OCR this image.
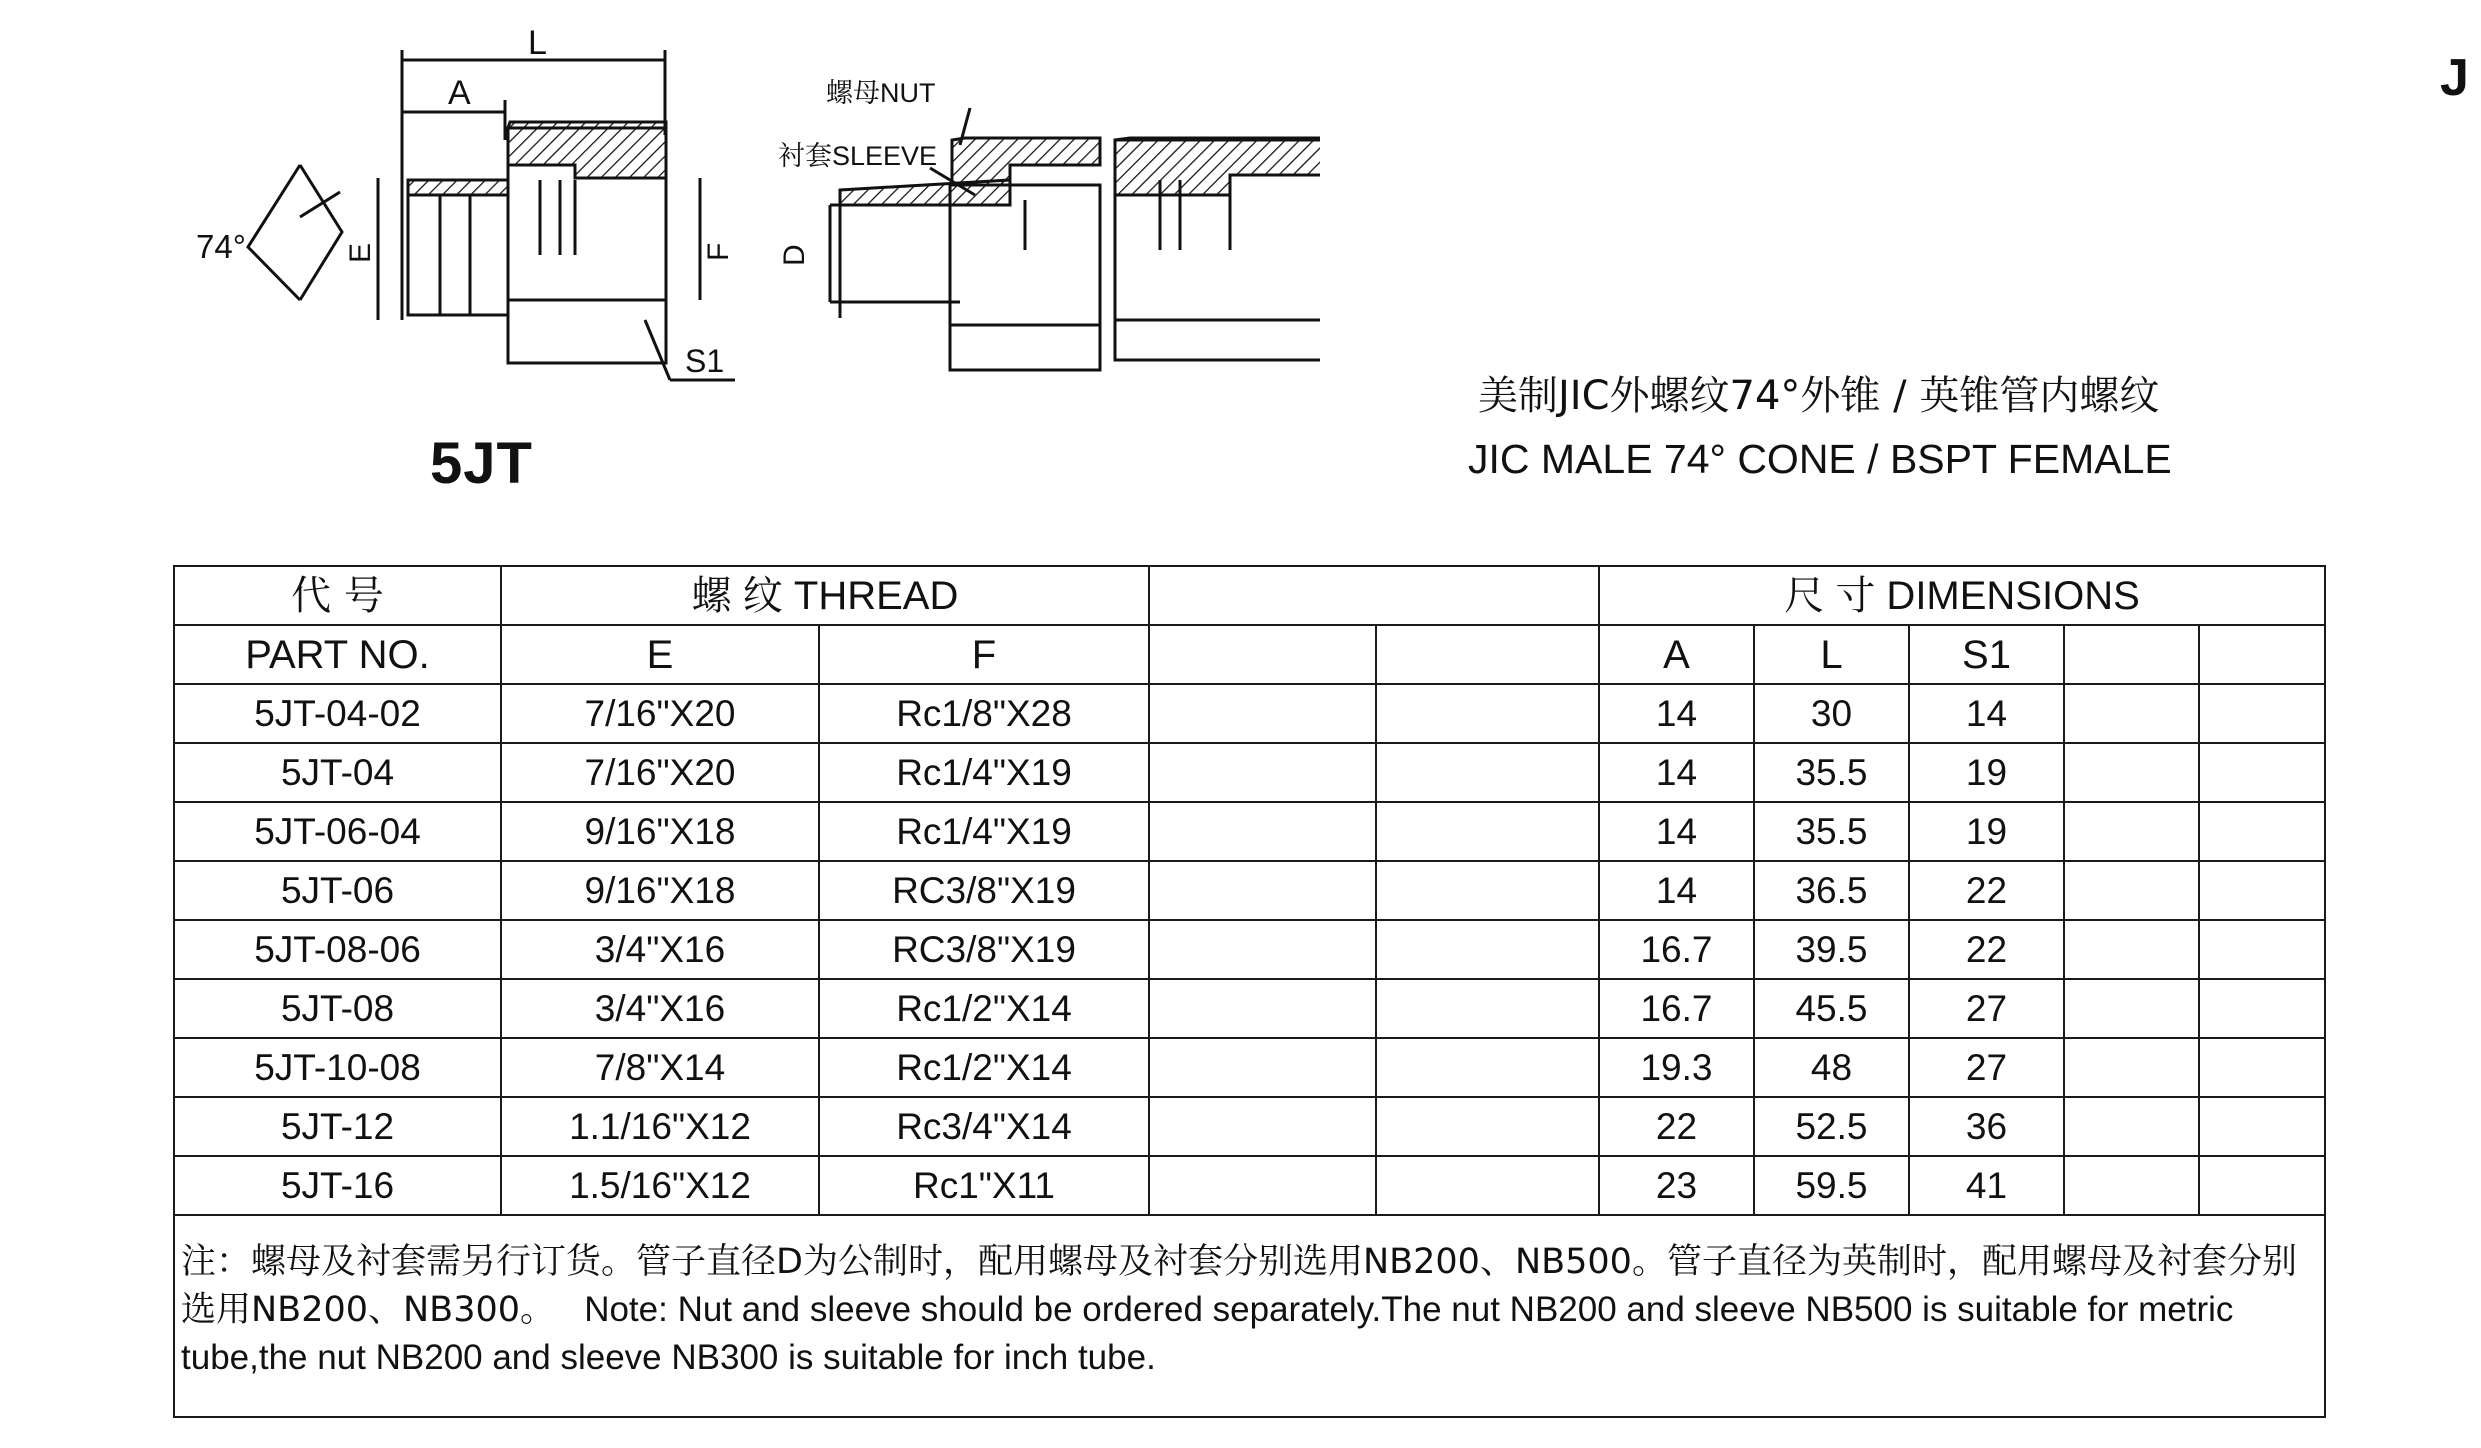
L
A
E	F
S1
74°
螺母NUT
衬套SLEEVE
D
5JT
美制JIC外螺纹74°外锥 / 英锥管内螺纹
JIC MALE 74° CONE / BSPT FEMALE
J
代 号	螺 纹 THREAD				尺 寸 DIMENSIONS				
PART NO.	E	F			A	L	S1		
5JT-04-02	7/16"X20	Rc1/8"X28			14	30	14		
5JT-04	7/16"X20	Rc1/4"X19			14	35.5	19		
5JT-06-04	9/16"X18	Rc1/4"X19			14	35.5	19		
5JT-06	9/16"X18	RC3/8"X19			14	36.5	22		
5JT-08-06	3/4"X16	RC3/8"X19			16.7	39.5	22		
5JT-08	3/4"X16	Rc1/2"X14			16.7	45.5	27		
5JT-10-08	7/8"X14	Rc1/2"X14			19.3	48	27		
5JT-12	1.1/16"X12	Rc3/4"X14			22	52.5	36		
5JT-16	1.5/16"X12	Rc1"X11			23	59.5	41		
注：螺母及衬套需另行订货。管子直径D为公制时，配用螺母及衬套分别选用NB200、NB500。管子直径为英制时，配用螺母及衬套分别选用NB200、NB300。 Note: Nut and sleeve should be ordered separately.The nut NB200 and sleeve NB500 is suitable for metric tube,the nut NB200 and sleeve NB300 is suitable for inch tube.									
